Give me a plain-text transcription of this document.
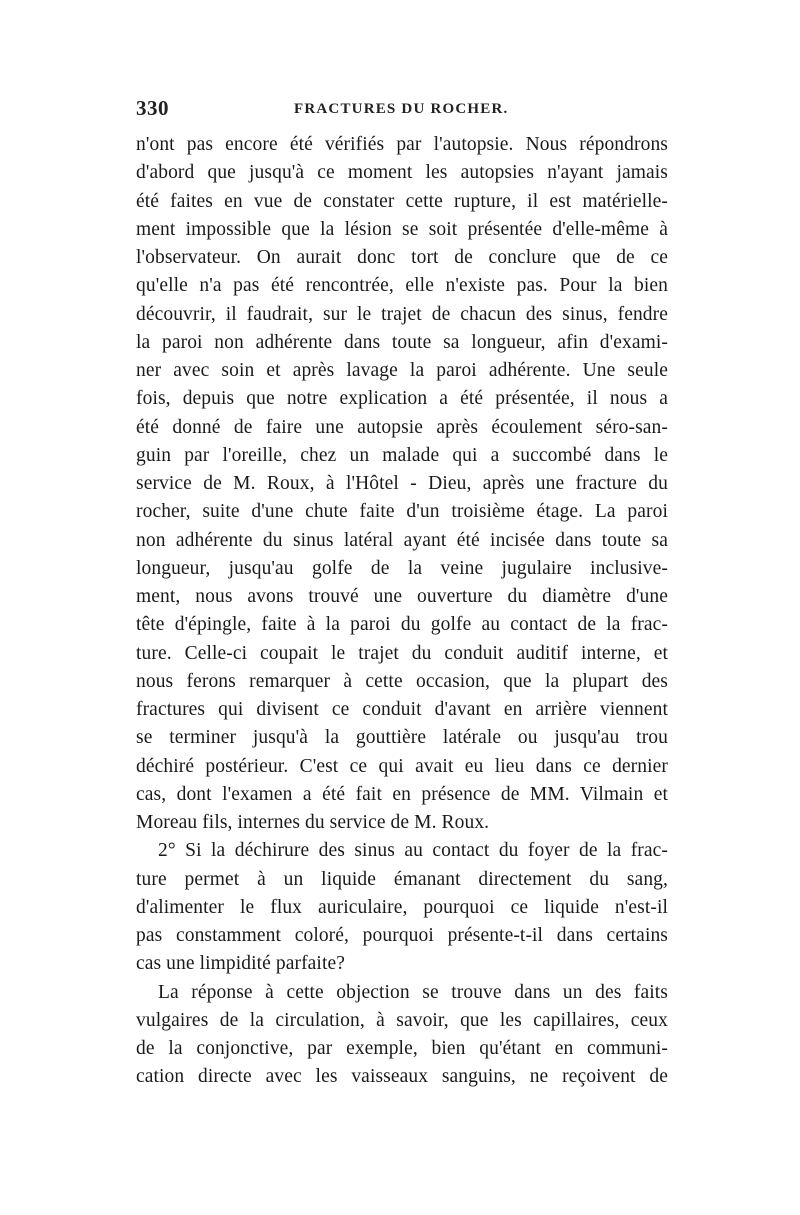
330	FRACTURES DU ROCHER.
n'ont pas encore été vérifiés par l'autopsie. Nous répondrons
d'abord que jusqu'à ce moment les autopsies n'ayant jamais
été faites en vue de constater cette rupture, il est matérielle-
ment impossible que la lésion se soit présentée d'elle-même à
l'observateur. On aurait donc tort de conclure que de ce
qu'elle n'a pas été rencontrée, elle n'existe pas. Pour la bien
découvrir, il faudrait, sur le trajet de chacun des sinus, fendre
la paroi non adhérente dans toute sa longueur, afin d'exami-
ner avec soin et après lavage la paroi adhérente. Une seule
fois, depuis que notre explication a été présentée, il nous a
été donné de faire une autopsie après écoulement séro-san-
guin par l'oreille, chez un malade qui a succombé dans le
service de M. Roux, à l'Hôtel - Dieu, après une fracture du
rocher, suite d'une chute faite d'un troisième étage. La paroi
non adhérente du sinus latéral ayant été incisée dans toute sa
longueur, jusqu'au golfe de la veine jugulaire inclusive-
ment, nous avons trouvé une ouverture du diamètre d'une
tête d'épingle, faite à la paroi du golfe au contact de la frac-
ture. Celle-ci coupait le trajet du conduit auditif interne, et
nous ferons remarquer à cette occasion, que la plupart des
fractures qui divisent ce conduit d'avant en arrière viennent
se terminer jusqu'à la gouttière latérale ou jusqu'au trou
déchiré postérieur. C'est ce qui avait eu lieu dans ce dernier
cas, dont l'examen a été fait en présence de MM. Vilmain et
Moreau fils, internes du service de M. Roux.
2° Si la déchirure des sinus au contact du foyer de la frac-
ture permet à un liquide émanant directement du sang,
d'alimenter le flux auriculaire, pourquoi ce liquide n'est-il
pas constamment coloré, pourquoi présente-t-il dans certains
cas une limpidité parfaite?
La réponse à cette objection se trouve dans un des faits
vulgaires de la circulation, à savoir, que les capillaires, ceux
de la conjonctive, par exemple, bien qu'étant en communi-
cation directe avec les vaisseaux sanguins, ne reçoivent de
